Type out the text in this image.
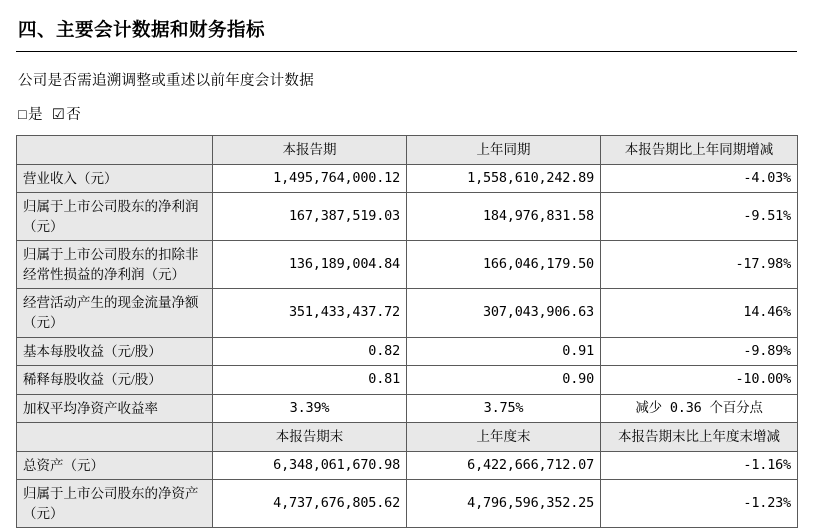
四、主要会计数据和财务指标
公司是否需追溯调整或重述以前年度会计数据
□是 ☑否
	本报告期	上年同期	本报告期比上年同期增减
营业收入（元）	1,495,764,000.12	1,558,610,242.89	-4.03%
归属于上市公司股东的净利润（元）	167,387,519.03	184,976,831.58	-9.51%
归属于上市公司股东的扣除非经常性损益的净利润（元）	136,189,004.84	166,046,179.50	-17.98%
经营活动产生的现金流量净额（元）	351,433,437.72	307,043,906.63	14.46%
基本每股收益（元/股）	0.82	0.91	-9.89%
稀释每股收益（元/股）	0.81	0.90	-10.00%
加权平均净资产收益率	3.39%	3.75%	减少 0.36 个百分点
	本报告期末	上年度末	本报告期末比上年度末增减
总资产（元）	6,348,061,670.98	6,422,666,712.07	-1.16%
归属于上市公司股东的净资产（元）	4,737,676,805.62	4,796,596,352.25	-1.23%
